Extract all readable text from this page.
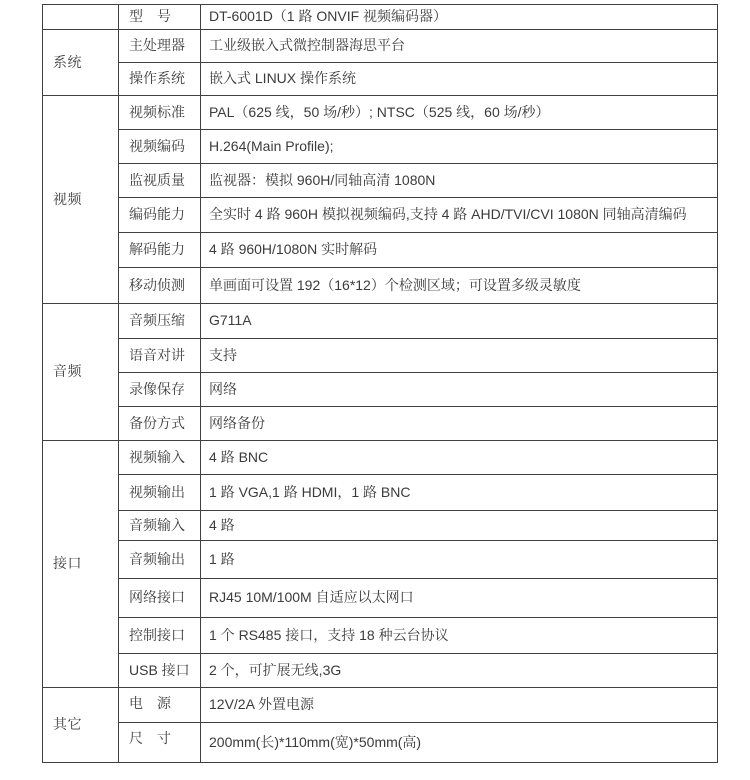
	型　号	DT-6001D（1 路 ONVIF 视频编码器）
系统	主处理器	工业级嵌入式微控制器海思平台
	操作系统	嵌入式 LINUX 操作系统
视频	视频标准	PAL（625 线，50 场/秒）; NTSC（525 线，60 场/秒）
	视频编码	H.264(Main Profile);
	监视质量	监视器：模拟 960H/同轴高清 1080N
	编码能力	全实时 4 路 960H 模拟视频编码,支持 4 路 AHD/TVI/CVI 1080N 同轴高清编码
	解码能力	4 路 960H/1080N 实时解码
	移动侦测	单画面可设置 192（16*12）个检测区域；可设置多级灵敏度
音频	音频压缩	G711A
	语音对讲	支持
	录像保存	网络
	备份方式	网络备份
接口	视频输入	4 路 BNC
	视频输出	1 路 VGA,1 路 HDMI，1 路 BNC
	音频输入	4 路
	音频输出	1 路
	网络接口	RJ45 10M/100M 自适应以太网口
	控制接口	1 个 RS485 接口，支持 18 种云台协议
	USB 接口	2 个，可扩展无线,3G
其它	电　源	12V/2A 外置电源
	尺　寸	200mm(长)*110mm(宽)*50mm(高)
